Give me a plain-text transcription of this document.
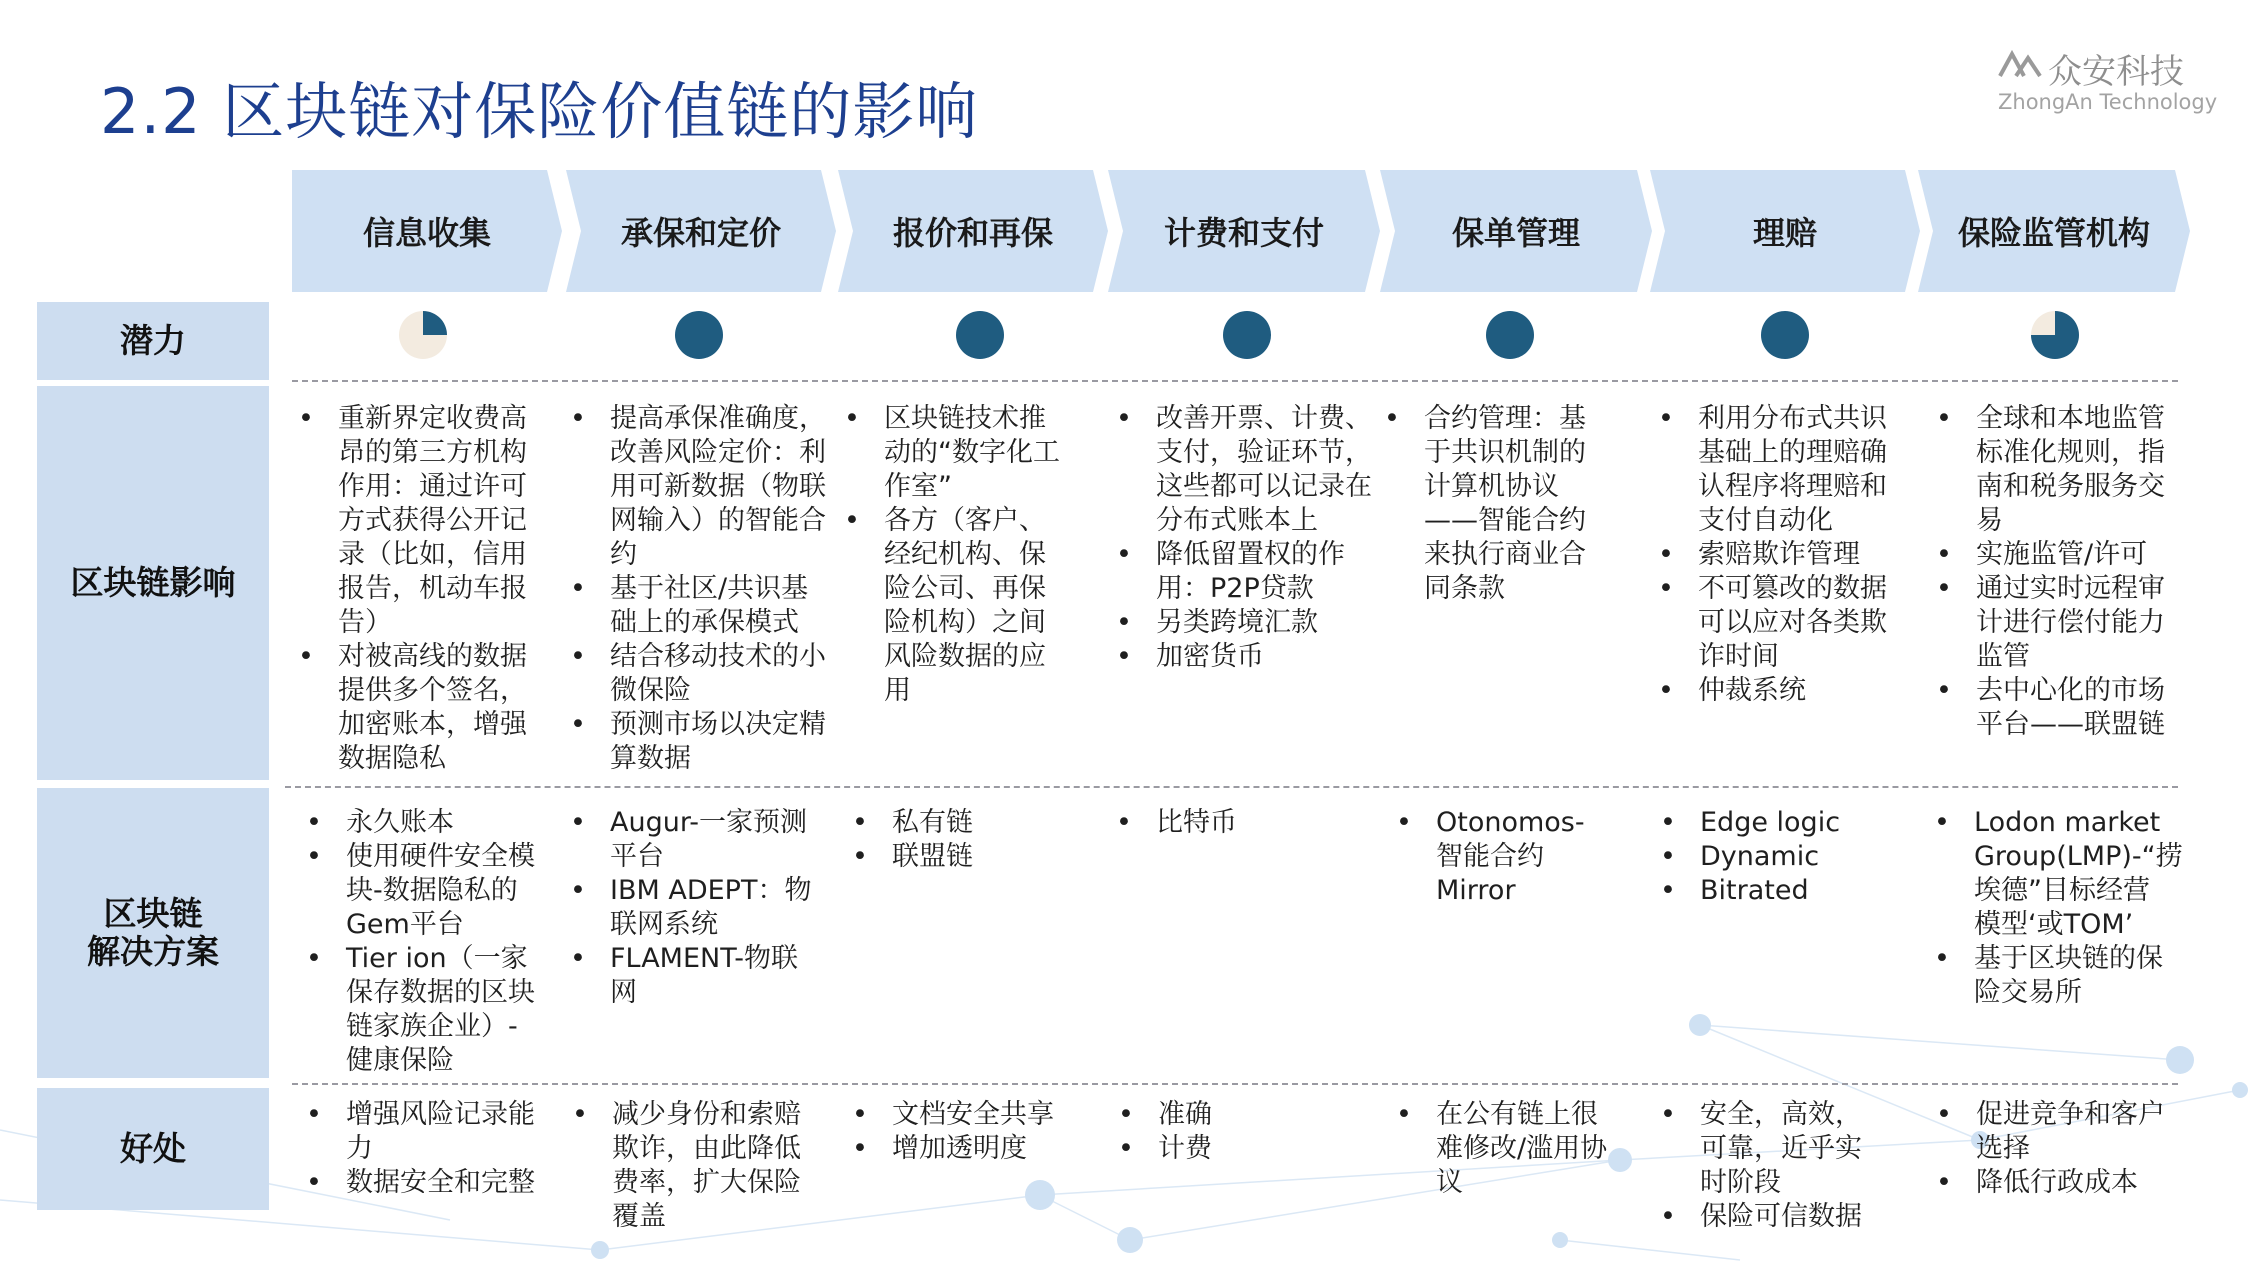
2.2 区块链对保险价值链的影响
众安科技
ZhongAn Technology
信息收集	承保和定价	报价和再保	计费和支付	保单管理	理赔	保险监管机构
潜力
区块链影响
区块链
解决方案
好处
• 重新界定收费高昂的第三方机构作用：通过许可方式获得公开记录（比如，信用报告，机动车报告）
• 对被高线的数据提供多个签名，加密账本，增强数据隐私
• 提高承保准确度，改善风险定价：利用可新数据（物联网输入）的智能合约
• 基于社区/共识基础上的承保模式
• 结合移动技术的小微保险
• 预测市场以决定精算数据
• 区块链技术推动的“数字化工作室”
• 各方（客户、经纪机构、保险公司、再保险机构）之间风险数据的应用
• 改善开票、计费、支付，验证环节，这些都可以记录在分布式账本上
• 降低留置权的作用：P2P贷款
• 另类跨境汇款
• 加密货币
• 合约管理：基于共识机制的计算机协议——智能合约来执行商业合同条款
• 利用分布式共识基础上的理赔确认程序将理赔和支付自动化
• 索赔欺诈管理
• 不可篡改的数据可以应对各类欺诈时间
• 仲裁系统
• 全球和本地监管标准化规则，指南和税务服务交易
• 实施监管/许可
• 通过实时远程审计进行偿付能力监管
• 去中心化的市场平台——联盟链
• 永久账本
• 使用硬件安全模块-数据隐私的Gem平台
• Tier ion（一家保存数据的区块链家族企业）-健康保险
• Augur-一家预测平台
• IBM ADEPT：物联网系统
• FLAMENT-物联网
• 私有链
• 联盟链
• 比特币
•	Otonomos-智能合约Mirror
• Edge logic
• Dynamic
• Bitrated
• Lodon market Group(LMP)-“捞埃德”目标经营模型‘或TOM’
• 基于区块链的保险交易所
• 增强风险记录能力
• 数据安全和完整
• 减少身份和索赔欺诈，由此降低费率，扩大保险覆盖
• 文档安全共享
• 增加透明度
• 准确
• 计费
• 在公有链上很难修改/滥用协议
• 安全，高效，可靠，近乎实时阶段
• 保险可信数据
• 促进竞争和客户选择
• 降低行政成本
